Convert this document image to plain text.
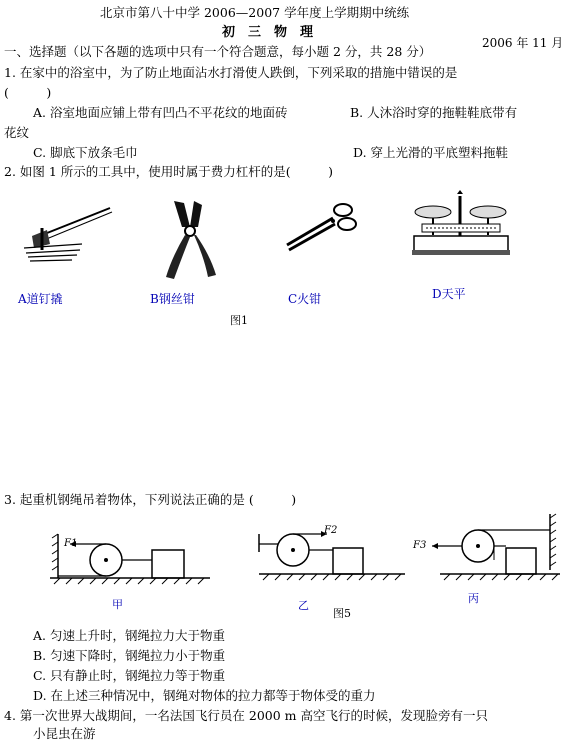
北京市第八十中学 2006—2007 学年度上学期期中统练
初　三　物　理
2006 年 11 月
一、选择题（以下各题的选项中只有一个符合题意，每小题 2 分，共 28 分）
1. 在家中的浴室中，为了防止地面沾水打滑使人跌倒，下列采取的措施中错误的是
(　　　)
A. 浴室地面应铺上带有凹凸不平花纹的地面砖	B. 人沐浴时穿的拖鞋鞋底带有
花纹
C. 脚底下放条毛巾	D. 穿上光滑的平底塑料拖鞋
2. 如图 1 所示的工具中，使用时属于费力杠杆的是(　　　)
A道钉撬	B钢丝钳	C火钳	D天平
图1
3. 起重机钢绳吊着物体，下列说法正确的是 (　　　)
F1
甲
F2
乙
图5
F3
丙
A. 匀速上升时，钢绳拉力大于物重
B. 匀速下降时，钢绳拉力小于物重
C. 只有静止时，钢绳拉力等于物重
D. 在上述三种情况中，钢绳对物体的拉力都等于物体受的重力
4. 第一次世界大战期间，一名法国飞行员在 2000 m 高空飞行的时候，发现脸旁有一只
小昆虫在游
